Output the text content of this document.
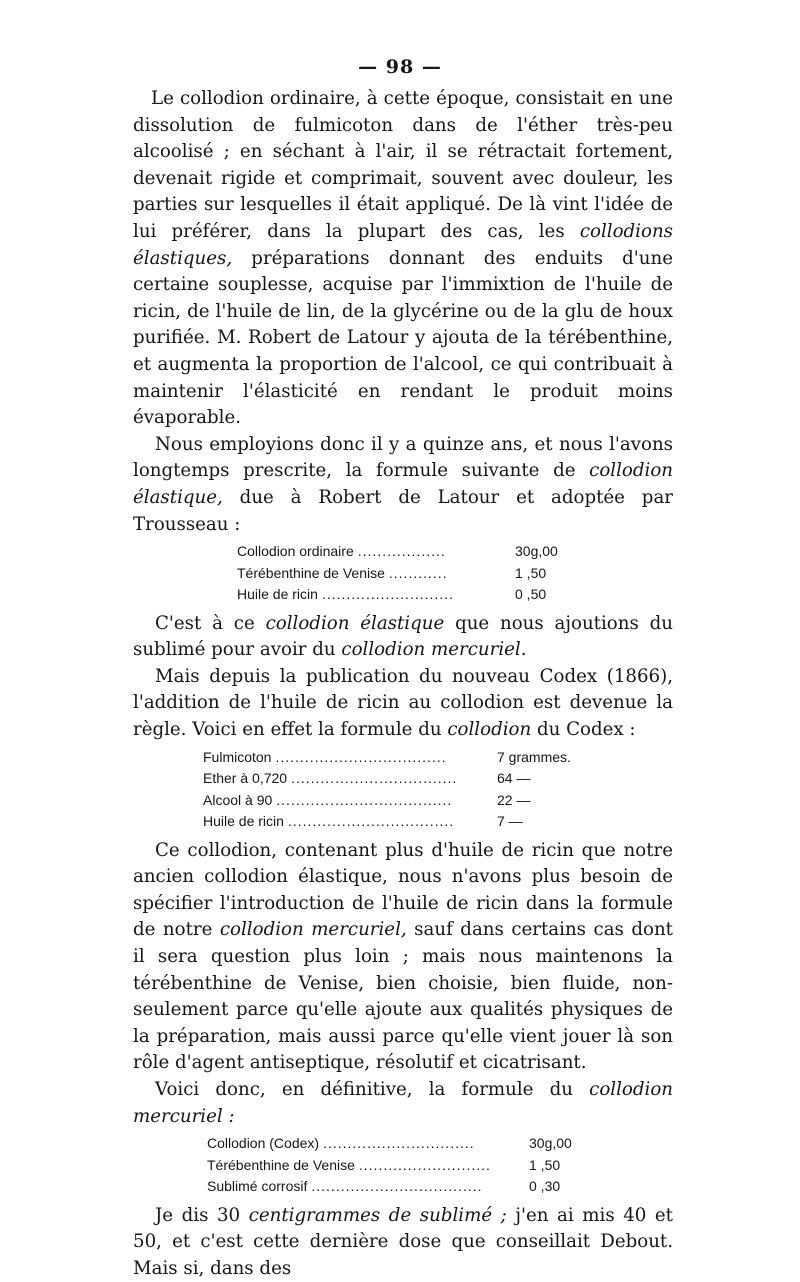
— 98 —

Le collodion ordinaire, à cette époque, consistait en une dissolution de fulmicoton dans de l'éther très-peu alcoolisé ; en séchant à l'air, il se rétractait fortement, devenait rigide et comprimait, souvent avec douleur, les parties sur lesquelles il était appliqué. De là vint l'idée de lui préférer, dans la plupart des cas, les collodions élastiques, préparations donnant des enduits d'une certaine souplesse, acquise par l'immixtion de l'huile de ricin, de l'huile de lin, de la glycérine ou de la glu de houx purifiée. M. Robert de Latour y ajouta de la térébenthine, et augmenta la proportion de l'alcool, ce qui contribuait à maintenir l'élasticité en rendant le produit moins évaporable.

Nous employions donc il y a quinze ans, et nous l'avons longtemps prescrite, la formule suivante de collodion élastique, due à Robert de Latour et adoptée par Trousseau :

Collodion ordinaire ..................	30g,00
Térébenthine de Venise ............	1 ,50
Huile de ricin ...........................	0 ,50

C'est à ce collodion élastique que nous ajoutions du sublimé pour avoir du collodion mercuriel.

Mais depuis la publication du nouveau Codex (1866), l'addition de l'huile de ricin au collodion est devenue la règle. Voici en effet la formule du collodion du Codex :

Fulmicoton ...................................	7 grammes.
Ether à 0,720 ..................................	64 —
Alcool à 90 ....................................	22 —
Huile de ricin ..................................	7 —

Ce collodion, contenant plus d'huile de ricin que notre ancien collodion élastique, nous n'avons plus besoin de spécifier l'introduction de l'huile de ricin dans la formule de notre collodion mercuriel, sauf dans certains cas dont il sera question plus loin ; mais nous maintenons la térébenthine de Venise, bien choisie, bien fluide, non-seulement parce qu'elle ajoute aux qualités physiques de la préparation, mais aussi parce qu'elle vient jouer là son rôle d'agent antiseptique, résolutif et cicatrisant.

Voici donc, en définitive, la formule du collodion mercuriel :

Collodion (Codex) ...............................	30g,00
Térébenthine de Venise ...........................	1 ,50
Sublimé corrosif ...................................	0 ,30

Je dis 30 centigrammes de sublimé ; j'en ai mis 40 et 50, et c'est cette dernière dose que conseillait Debout. Mais si, dans des
